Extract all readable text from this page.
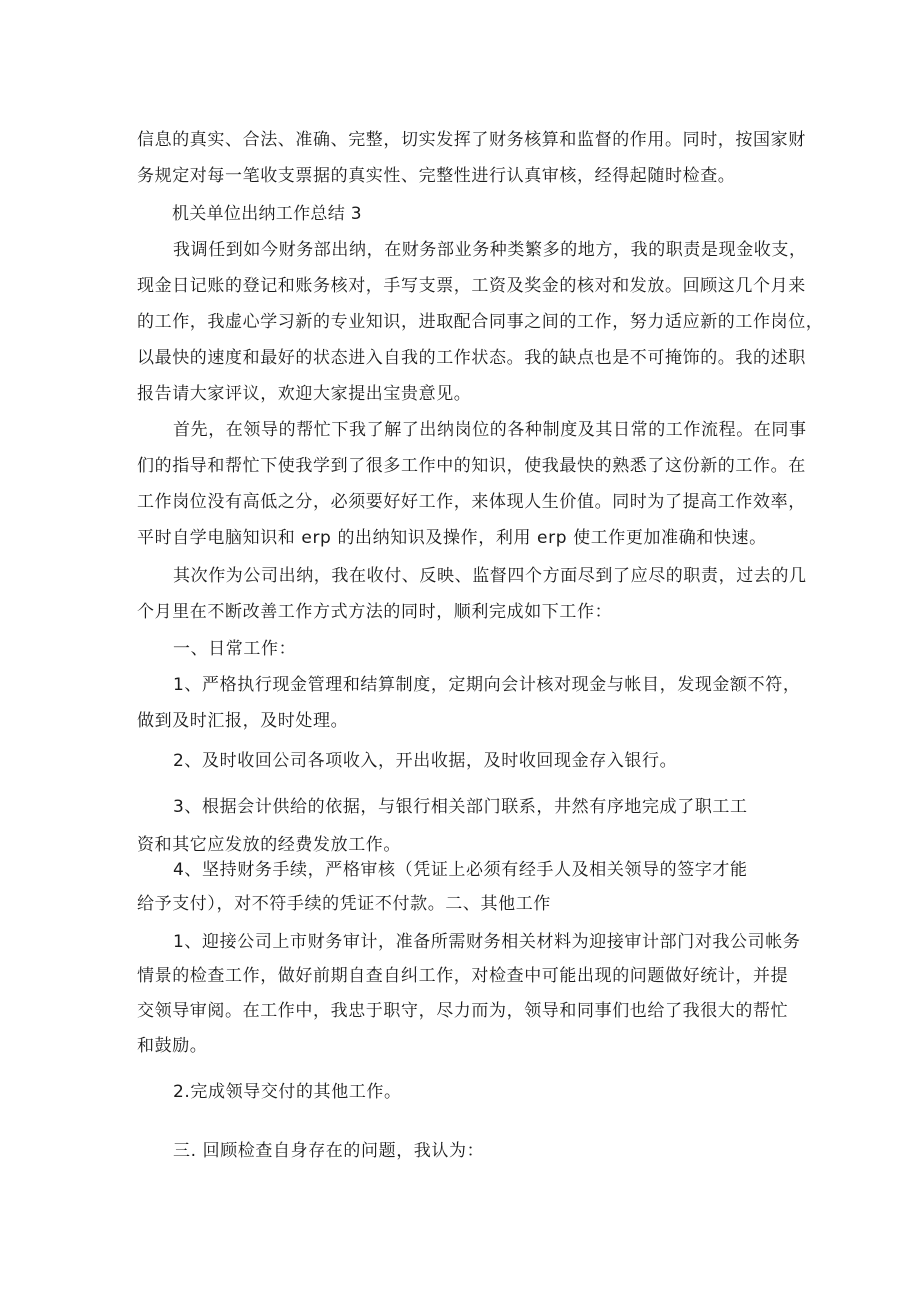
信息的真实、合法、准确、完整，切实发挥了财务核算和监督的作用。同时，按国家财
务规定对每一笔收支票据的真实性、完整性进行认真审核，经得起随时检查。
机关单位出纳工作总结 3
我调任到如今财务部出纳，在财务部业务种类繁多的地方，我的职责是现金收支，
现金日记账的登记和账务核对，手写支票，工资及奖金的核对和发放。回顾这几个月来
的工作，我虚心学习新的专业知识，进取配合同事之间的工作，努力适应新的工作岗位，
以最快的速度和最好的状态进入自我的工作状态。我的缺点也是不可掩饰的。我的述职
报告请大家评议，欢迎大家提出宝贵意见。
首先，在领导的帮忙下我了解了出纳岗位的各种制度及其日常的工作流程。在同事
们的指导和帮忙下使我学到了很多工作中的知识，使我最快的熟悉了这份新的工作。在
工作岗位没有高低之分，必须要好好工作，来体现人生价值。同时为了提高工作效率，
平时自学电脑知识和 erp 的出纳知识及操作，利用 erp 使工作更加准确和快速。
其次作为公司出纳，我在收付、反映、监督四个方面尽到了应尽的职责，过去的几
个月里在不断改善工作方式方法的同时，顺利完成如下工作：
一、日常工作：
1、严格执行现金管理和结算制度，定期向会计核对现金与帐目，发现金额不符，
做到及时汇报，及时处理。
2、及时收回公司各项收入，开出收据，及时收回现金存入银行。
3、根据会计供给的依据，与银行相关部门联系，井然有序地完成了职工工
资和其它应发放的经费发放工作。
4、坚持财务手续，严格审核（凭证上必须有经手人及相关领导的签字才能
给予支付），对不符手续的凭证不付款。二、其他工作
1、迎接公司上市财务审计，准备所需财务相关材料为迎接审计部门对我公司帐务
情景的检查工作，做好前期自查自纠工作，对检查中可能出现的问题做好统计，并提
交领导审阅。在工作中，我忠于职守，尽力而为，领导和同事们也给了我很大的帮忙
和鼓励。
2.完成领导交付的其他工作。
三. 回顾检查自身存在的问题，我认为：
